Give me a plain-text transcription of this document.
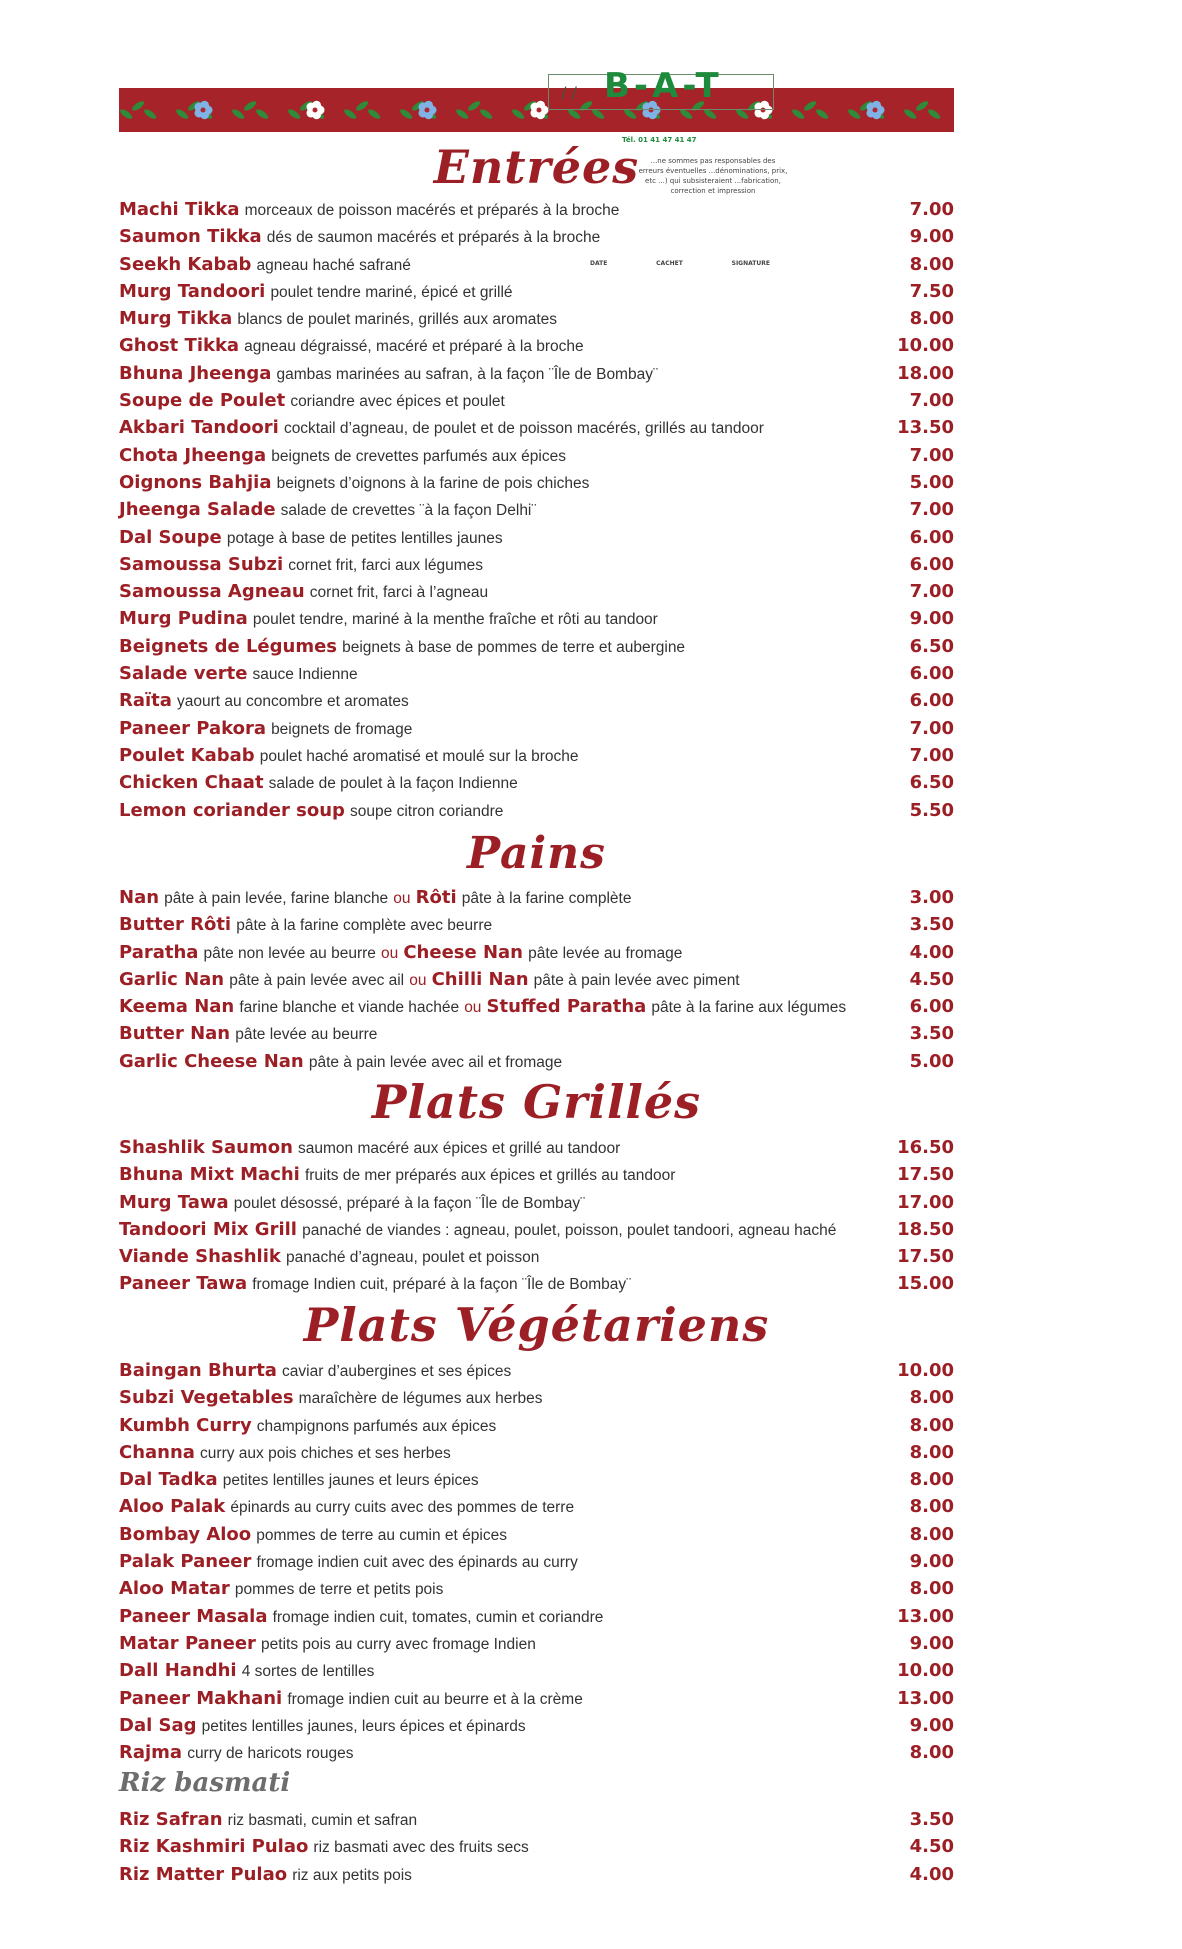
/ / B-A-T
Tél. 01 41 47 41 47
...ne sommes pas responsables des erreurs éventuelles ...dénominations, prix, etc ...) qui subsisteraient ...fabrication, correction et impression
DATE	CACHET	SIGNATURE
Entrées
Machi Tikka morceaux de poisson macérés et préparés à la broche	7.00
Saumon Tikka dés de saumon macérés et préparés à la broche	9.00
Seekh Kabab agneau haché safrané	8.00
Murg Tandoori poulet tendre mariné, épicé et grillé	7.50
Murg Tikka blancs de poulet marinés, grillés aux aromates	8.00
Ghost Tikka agneau dégraissé, macéré et préparé à la broche	10.00
Bhuna Jheenga gambas marinées au safran, à la façon ¨Île de Bombay¨	18.00
Soupe de Poulet coriandre avec épices et poulet	7.00
Akbari Tandoori cocktail d’agneau, de poulet et de poisson macérés, grillés au tandoor	13.50
Chota Jheenga beignets de crevettes parfumés aux épices	7.00
Oignons Bahjia beignets d’oignons à la farine de pois chiches	5.00
Jheenga Salade salade de crevettes ¨à la façon Delhi¨	7.00
Dal Soupe potage à base de petites lentilles jaunes	6.00
Samoussa Subzi cornet frit, farci aux légumes	6.00
Samoussa Agneau cornet frit, farci à l’agneau	7.00
Murg Pudina poulet tendre, mariné à la menthe fraîche et rôti au tandoor	9.00
Beignets de Légumes beignets à base de pommes de terre et aubergine	6.50
Salade verte sauce Indienne	6.00
Raïta yaourt au concombre et aromates	6.00
Paneer Pakora beignets de fromage	7.00
Poulet Kabab poulet haché aromatisé et moulé sur la broche	7.00
Chicken Chaat salade de poulet à la façon Indienne	6.50
Lemon coriander soup soupe citron coriandre	5.50
Pains
Nan pâte à pain levée, farine blanche ou Rôti pâte à la farine complète	3.00
Butter Rôti pâte à la farine complète avec beurre	3.50
Paratha pâte non levée au beurre ou Cheese Nan pâte levée au fromage	4.00
Garlic Nan pâte à pain levée avec ail ou Chilli Nan pâte à pain levée avec piment	4.50
Keema Nan farine blanche et viande hachée ou Stuffed Paratha pâte à la farine aux légumes	6.00
Butter Nan pâte levée au beurre	3.50
Garlic Cheese Nan pâte à pain levée avec ail et fromage	5.00
Plats Grillés
Shashlik Saumon saumon macéré aux épices et grillé au tandoor	16.50
Bhuna Mixt Machi fruits de mer préparés aux épices et grillés au tandoor	17.50
Murg Tawa poulet désossé, préparé à la façon ¨Île de Bombay¨	17.00
Tandoori Mix Grill panaché de viandes : agneau, poulet, poisson, poulet tandoori, agneau haché	18.50
Viande Shashlik panaché d’agneau, poulet et poisson	17.50
Paneer Tawa fromage Indien cuit, préparé à la façon ¨Île de Bombay¨	15.00
Plats Végétariens
Baingan Bhurta caviar d’aubergines et ses épices	10.00
Subzi Vegetables maraîchère de légumes aux herbes	8.00
Kumbh Curry champignons parfumés aux épices	8.00
Channa curry aux pois chiches et ses herbes	8.00
Dal Tadka petites lentilles jaunes et leurs épices	8.00
Aloo Palak épinards au curry cuits avec des pommes de terre	8.00
Bombay Aloo pommes de terre au cumin et épices	8.00
Palak Paneer fromage indien cuit avec des épinards au curry	9.00
Aloo Matar pommes de terre et petits pois	8.00
Paneer Masala fromage indien cuit, tomates, cumin et coriandre	13.00
Matar Paneer petits pois au curry avec fromage Indien	9.00
Dall Handhi 4 sortes de lentilles	10.00
Paneer Makhani fromage indien cuit au beurre et à la crème	13.00
Dal Sag petites lentilles jaunes, leurs épices et épinards	9.00
Rajma curry de haricots rouges	8.00
Riz basmati
Riz Safran riz basmati, cumin et safran	3.50
Riz Kashmiri Pulao riz basmati avec des fruits secs	4.50
Riz Matter Pulao riz aux petits pois	4.00
